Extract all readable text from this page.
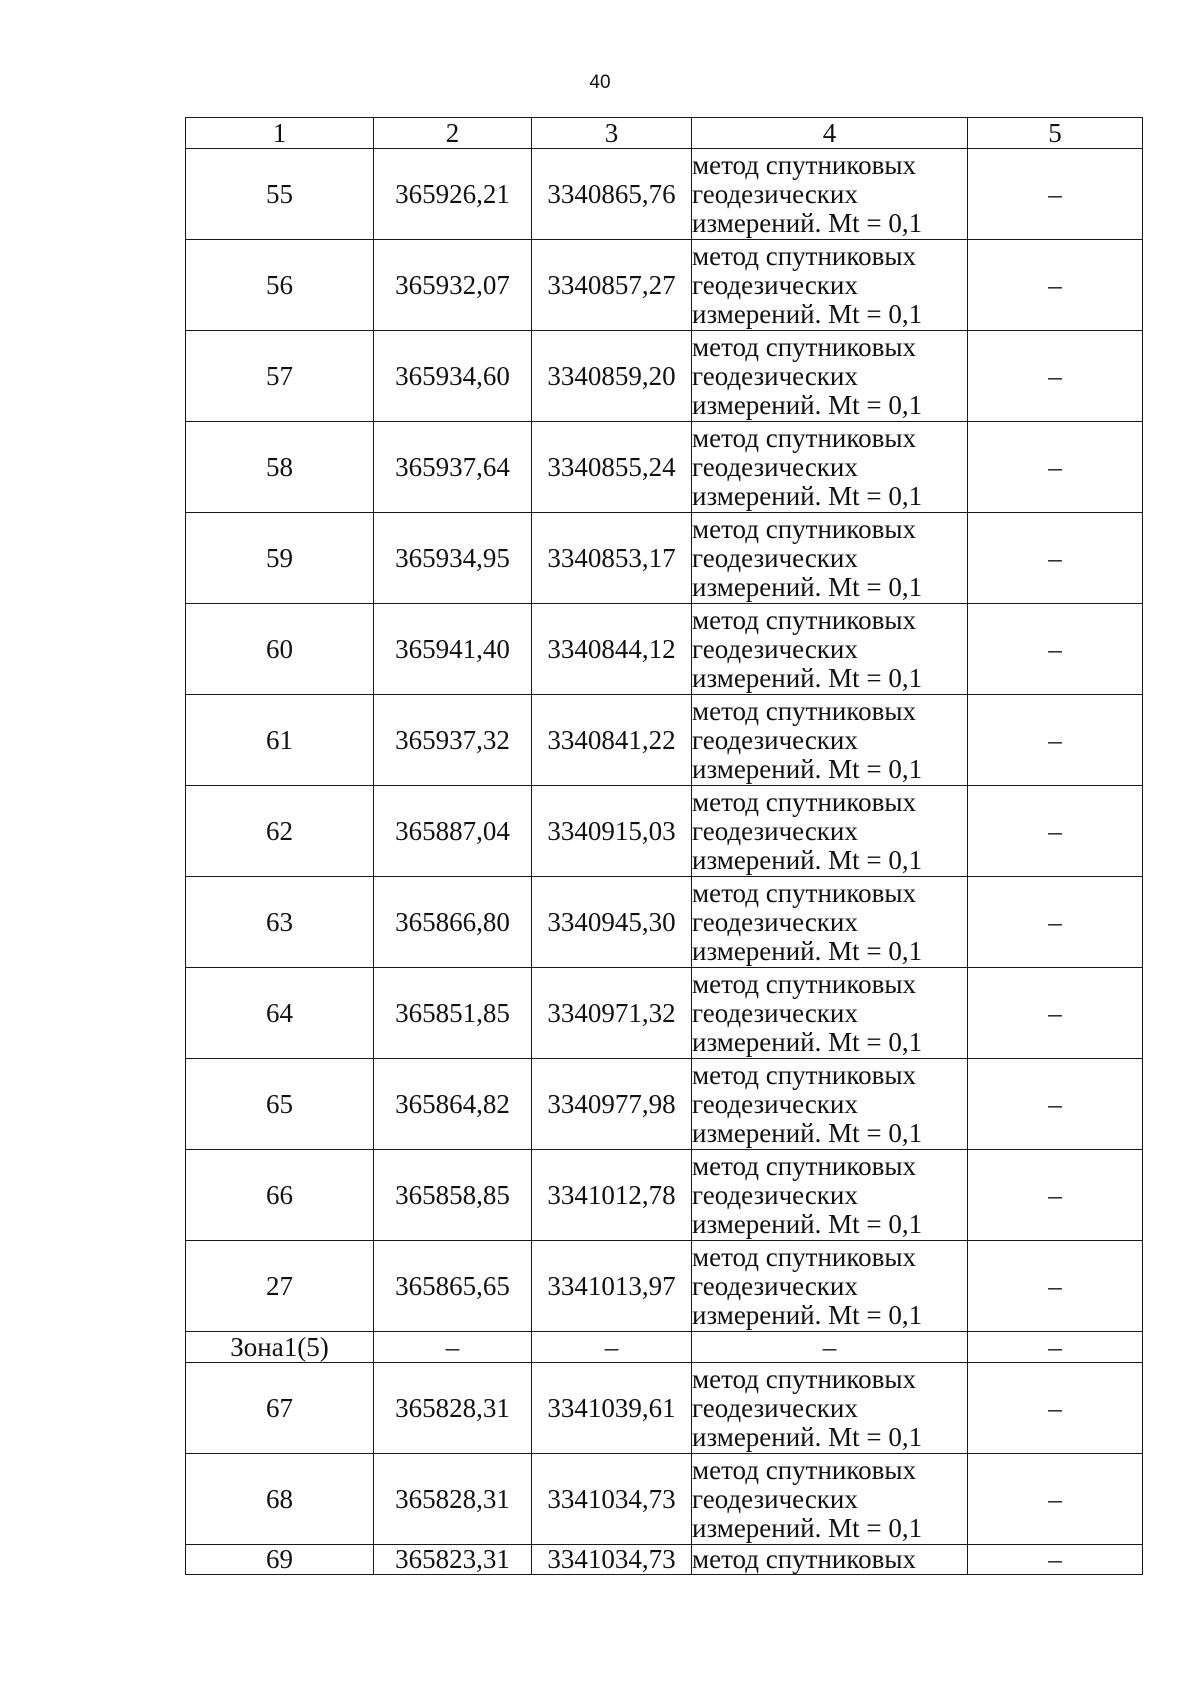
40
1	2	3	4	5
55	365926,21	3340865,76	метод спутниковых
геодезических
измерений. Mt = 0,1	–
56	365932,07	3340857,27	метод спутниковых
геодезических
измерений. Mt = 0,1	–
57	365934,60	3340859,20	метод спутниковых
геодезических
измерений. Mt = 0,1	–
58	365937,64	3340855,24	метод спутниковых
геодезических
измерений. Mt = 0,1	–
59	365934,95	3340853,17	метод спутниковых
геодезических
измерений. Mt = 0,1	–
60	365941,40	3340844,12	метод спутниковых
геодезических
измерений. Mt = 0,1	–
61	365937,32	3340841,22	метод спутниковых
геодезических
измерений. Mt = 0,1	–
62	365887,04	3340915,03	метод спутниковых
геодезических
измерений. Mt = 0,1	–
63	365866,80	3340945,30	метод спутниковых
геодезических
измерений. Mt = 0,1	–
64	365851,85	3340971,32	метод спутниковых
геодезических
измерений. Mt = 0,1	–
65	365864,82	3340977,98	метод спутниковых
геодезических
измерений. Mt = 0,1	–
66	365858,85	3341012,78	метод спутниковых
геодезических
измерений. Mt = 0,1	–
27	365865,65	3341013,97	метод спутниковых
геодезических
измерений. Mt = 0,1	–
Зона1(5)	–	–	–	–
67	365828,31	3341039,61	метод спутниковых
геодезических
измерений. Mt = 0,1	–
68	365828,31	3341034,73	метод спутниковых
геодезических
измерений. Mt = 0,1	–
69	365823,31	3341034,73	метод спутниковых	–
